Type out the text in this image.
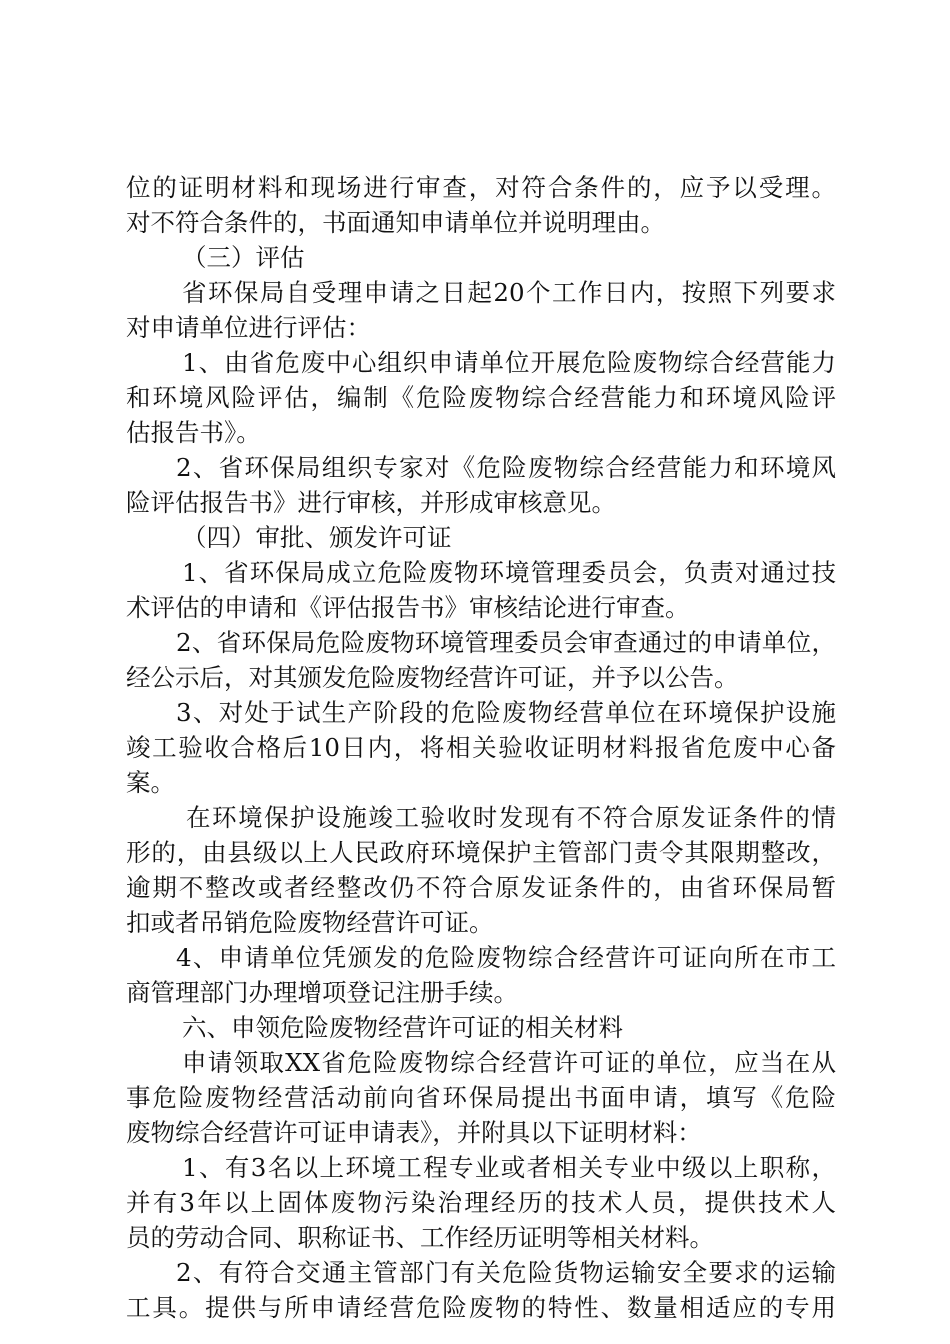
位的证明材料和现场进行审查，对符合条件的，应予以受理。
对不符合条件的，书面通知申请单位并说明理由。
（三）评估
省环保局自受理申请之日起20个工作日内，按照下列要求
对申请单位进行评估：
1、由省危废中心组织申请单位开展危险废物综合经营能力
和环境风险评估，编制《危险废物综合经营能力和环境风险评
估报告书》。
2、省环保局组织专家对《危险废物综合经营能力和环境风
险评估报告书》进行审核，并形成审核意见。
（四）审批、颁发许可证
1、省环保局成立危险废物环境管理委员会，负责对通过技
术评估的申请和《评估报告书》审核结论进行审查。
2、省环保局危险废物环境管理委员会审查通过的申请单位，
经公示后，对其颁发危险废物经营许可证，并予以公告。
3、对处于试生产阶段的危险废物经营单位在环境保护设施
竣工验收合格后10日内，将相关验收证明材料报省危废中心备
案。
在环境保护设施竣工验收时发现有不符合原发证条件的情
形的，由县级以上人民政府环境保护主管部门责令其限期整改，
逾期不整改或者经整改仍不符合原发证条件的，由省环保局暂
扣或者吊销危险废物经营许可证。
4、申请单位凭颁发的危险废物综合经营许可证向所在市工
商管理部门办理增项登记注册手续。
六、申领危险废物经营许可证的相关材料
申请领取XX省危险废物综合经营许可证的单位，应当在从
事危险废物经营活动前向省环保局提出书面申请，填写《危险
废物综合经营许可证申请表》，并附具以下证明材料：
1、有3名以上环境工程专业或者相关专业中级以上职称，
并有3年以上固体废物污染治理经历的技术人员，提供技术人
员的劳动合同、职称证书、工作经历证明等相关材料。
2、有符合交通主管部门有关危险货物运输安全要求的运输
工具。提供与所申请经营危险废物的特性、数量相适应的专用
